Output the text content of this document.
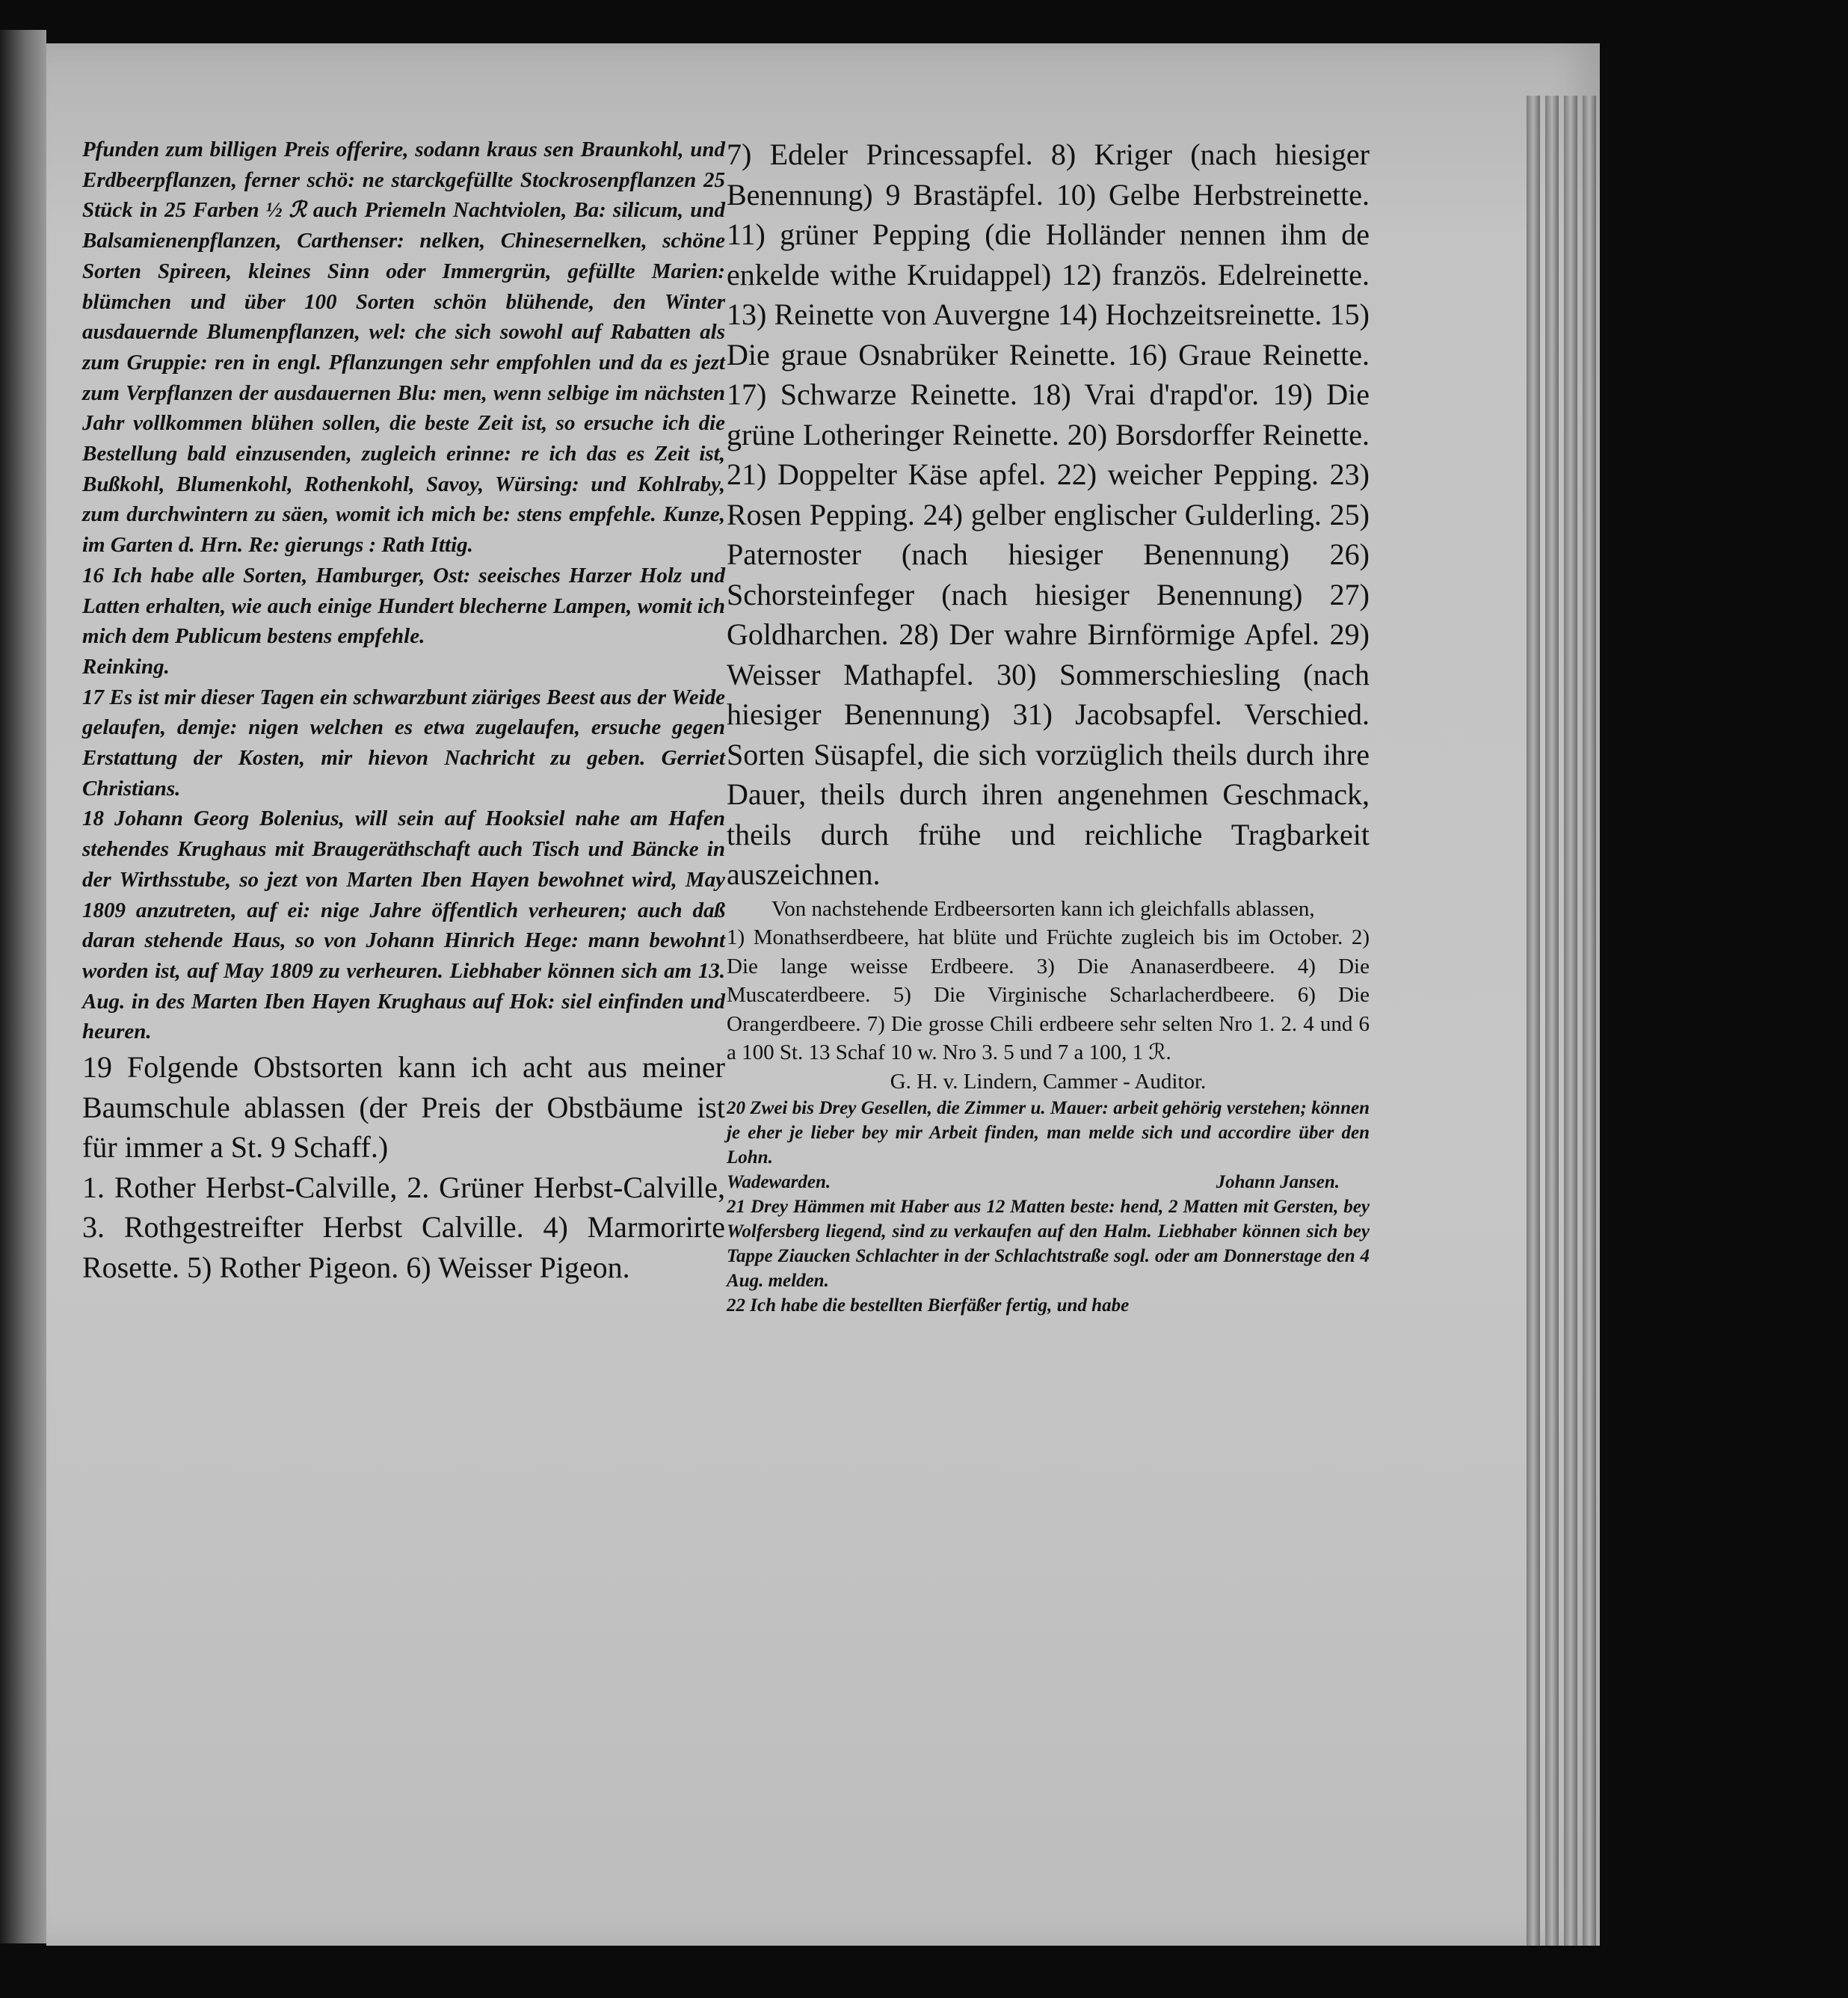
Pfunden zum billigen Preis offerire, sodann kraus sen Braunkohl, und Erdbeerpflanzen, ferner schö: ne starckgefüllte Stockrosenpflanzen 25 Stück in 25 Farben ½ ℛ auch Priemeln Nachtviolen, Ba: silicum, und Balsamienenpflanzen, Carthenser: nelken, Chinesernelken, schöne Sorten Spireen, kleines Sinn oder Immergrün, gefüllte Marien: blümchen und über 100 Sorten schön blühende, den Winter ausdauernde Blumenpflanzen, wel: che sich sowohl auf Rabatten als zum Gruppie: ren in engl. Pflanzungen sehr empfohlen und da es jezt zum Verpflanzen der ausdauernen Blu: men, wenn selbige im nächsten Jahr vollkommen blühen sollen, die beste Zeit ist, so ersuche ich die Bestellung bald einzusenden, zugleich erinne: re ich das es Zeit ist, Bußkohl, Blumenkohl, Rothenkohl, Savoy, Würsing: und Kohlraby, zum durchwintern zu säen, womit ich mich be: stens empfehle. Kunze, im Garten d. Hrn. Re: gierungs : Rath Ittig.

16 Ich habe alle Sorten, Hamburger, Ost: seeisches Harzer Holz und Latten erhalten, wie auch einige Hundert blecherne Lampen, womit ich mich dem Publicum bestens empfehle.

Reinking.

17 Es ist mir dieser Tagen ein schwarzbunt ziäriges Beest aus der Weide gelaufen, demje: nigen welchen es etwa zugelaufen, ersuche gegen Erstattung der Kosten, mir hievon Nachricht zu geben. Gerriet Christians.

18 Johann Georg Bolenius, will sein auf Hooksiel nahe am Hafen stehendes Krughaus mit Braugeräthschaft auch Tisch und Bäncke in der Wirthsstube, so jezt von Marten Iben Hayen bewohnet wird, May 1809 anzutreten, auf ei: nige Jahre öffentlich verheuren; auch daß daran stehende Haus, so von Johann Hinrich Hege: mann bewohnt worden ist, auf May 1809 zu verheuren. Liebhaber können sich am 13. Aug. in des Marten Iben Hayen Krughaus auf Hok: siel einfinden und heuren.

19 Folgende Obstsorten kann ich acht aus meiner Baumschule ablassen (der Preis der Obstbäume ist für immer a St. 9 Schaff.)

1. Rother Herbst-Calville, 2. Grüner Herbst-Calville, 3. Rothgestreifter Herbst Calville. 4) Marmorirte Rosette. 5) Rother Pigeon. 6) Weisser Pigeon.

7) Edeler Princessapfel. 8) Kriger (nach hiesiger Benennung) 9 Brastäpfel. 10) Gelbe Herbstreinette. 11) grüner Pepping (die Holländer nennen ihm de enkelde withe Kruidappel) 12) französ. Edelreinette. 13) Reinette von Auvergne 14) Hochzeitsreinette. 15) Die graue Osnabrüker Reinette. 16) Graue Reinette. 17) Schwarze Reinette. 18) Vrai d'rapd'or. 19) Die grüne Lotheringer Reinette. 20) Borsdorffer Reinette. 21) Doppelter Käse apfel. 22) weicher Pepping. 23) Rosen Pepping. 24) gelber englischer Gulderling. 25) Paternoster (nach hiesiger Benennung) 26) Schorsteinfeger (nach hiesiger Benennung) 27) Goldharchen. 28) Der wahre Birnförmige Apfel. 29) Weisser Mathapfel. 30) Sommerschiesling (nach hiesiger Benennung) 31) Jacobsapfel. Verschied. Sorten Süsapfel, die sich vorzüglich theils durch ihre Dauer, theils durch ihren angenehmen Geschmack, theils durch frühe und reichliche Tragbarkeit auszeichnen.

Von nachstehende Erdbeersorten kann ich gleichfalls ablassen,

1) Monathserdbeere, hat blüte und Früchte zugleich bis im October. 2) Die lange weisse Erdbeere. 3) Die Ananaserdbeere. 4) Die Muscaterdbeere. 5) Die Virginische Scharlacherdbeere. 6) Die Orangerdbeere. 7) Die grosse Chili erdbeere sehr selten Nro 1. 2. 4 und 6 a 100 St. 13 Schaf 10 w. Nro 3. 5 und 7 a 100, 1 ℛ.

G. H. v. Lindern, Cammer - Auditor.

20 Zwei bis Drey Gesellen, die Zimmer u. Mauer: arbeit gehörig verstehen; können je eher je lieber bey mir Arbeit finden, man melde sich und accordire über den Lohn.

Wadewarden.	Johann Jansen.

21 Drey Hämmen mit Haber aus 12 Matten beste: hend, 2 Matten mit Gersten, bey Wolfersberg liegend, sind zu verkaufen auf den Halm. Liebhaber können sich bey Tappe Ziaucken Schlachter in der Schlachtstraße sogl. oder am Donnerstage den 4 Aug. melden.

22 Ich habe die bestellten Bierfäßer fertig, und habe
